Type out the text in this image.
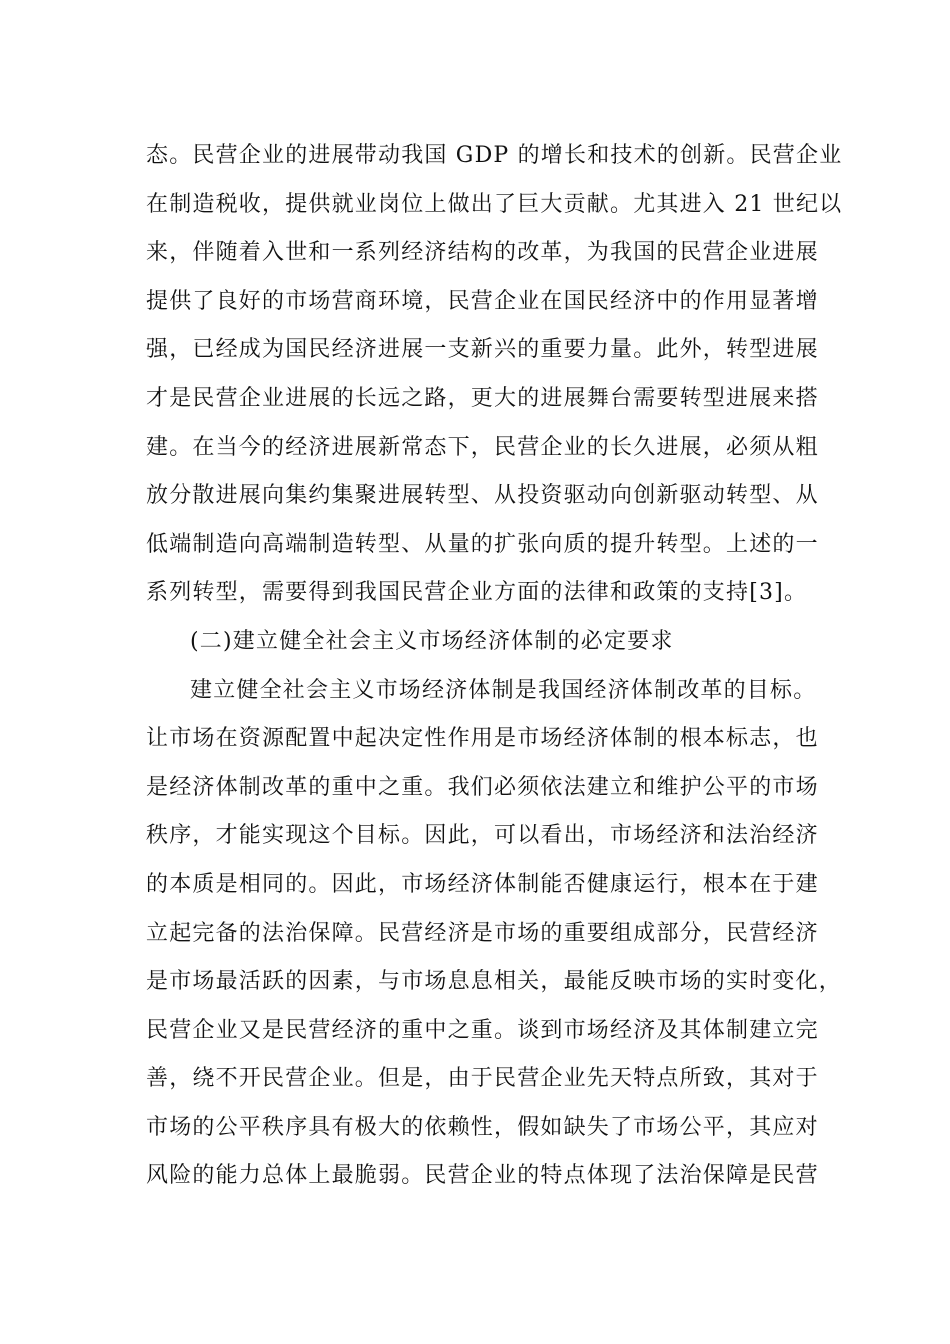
态。民营企业的进展带动我国 GDP 的增长和技术的创新。民营企业
在制造税收，提供就业岗位上做出了巨大贡献。尤其进入 21 世纪以
来，伴随着入世和一系列经济结构的改革，为我国的民营企业进展
提供了良好的市场营商环境，民营企业在国民经济中的作用显著增
强，已经成为国民经济进展一支新兴的重要力量。此外，转型进展
才是民营企业进展的长远之路，更大的进展舞台需要转型进展来搭
建。在当今的经济进展新常态下，民营企业的长久进展，必须从粗
放分散进展向集约集聚进展转型、从投资驱动向创新驱动转型、从
低端制造向高端制造转型、从量的扩张向质的提升转型。上述的一
系列转型，需要得到我国民营企业方面的法律和政策的支持[3]。
(二)建立健全社会主义市场经济体制的必定要求
建立健全社会主义市场经济体制是我国经济体制改革的目标。
让市场在资源配置中起决定性作用是市场经济体制的根本标志，也
是经济体制改革的重中之重。我们必须依法建立和维护公平的市场
秩序，才能实现这个目标。因此，可以看出，市场经济和法治经济
的本质是相同的。因此，市场经济体制能否健康运行，根本在于建
立起完备的法治保障。民营经济是市场的重要组成部分，民营经济
是市场最活跃的因素，与市场息息相关，最能反映市场的实时变化，
民营企业又是民营经济的重中之重。谈到市场经济及其体制建立完
善，绕不开民营企业。但是，由于民营企业先天特点所致，其对于
市场的公平秩序具有极大的依赖性，假如缺失了市场公平，其应对
风险的能力总体上最脆弱。民营企业的特点体现了法治保障是民营
